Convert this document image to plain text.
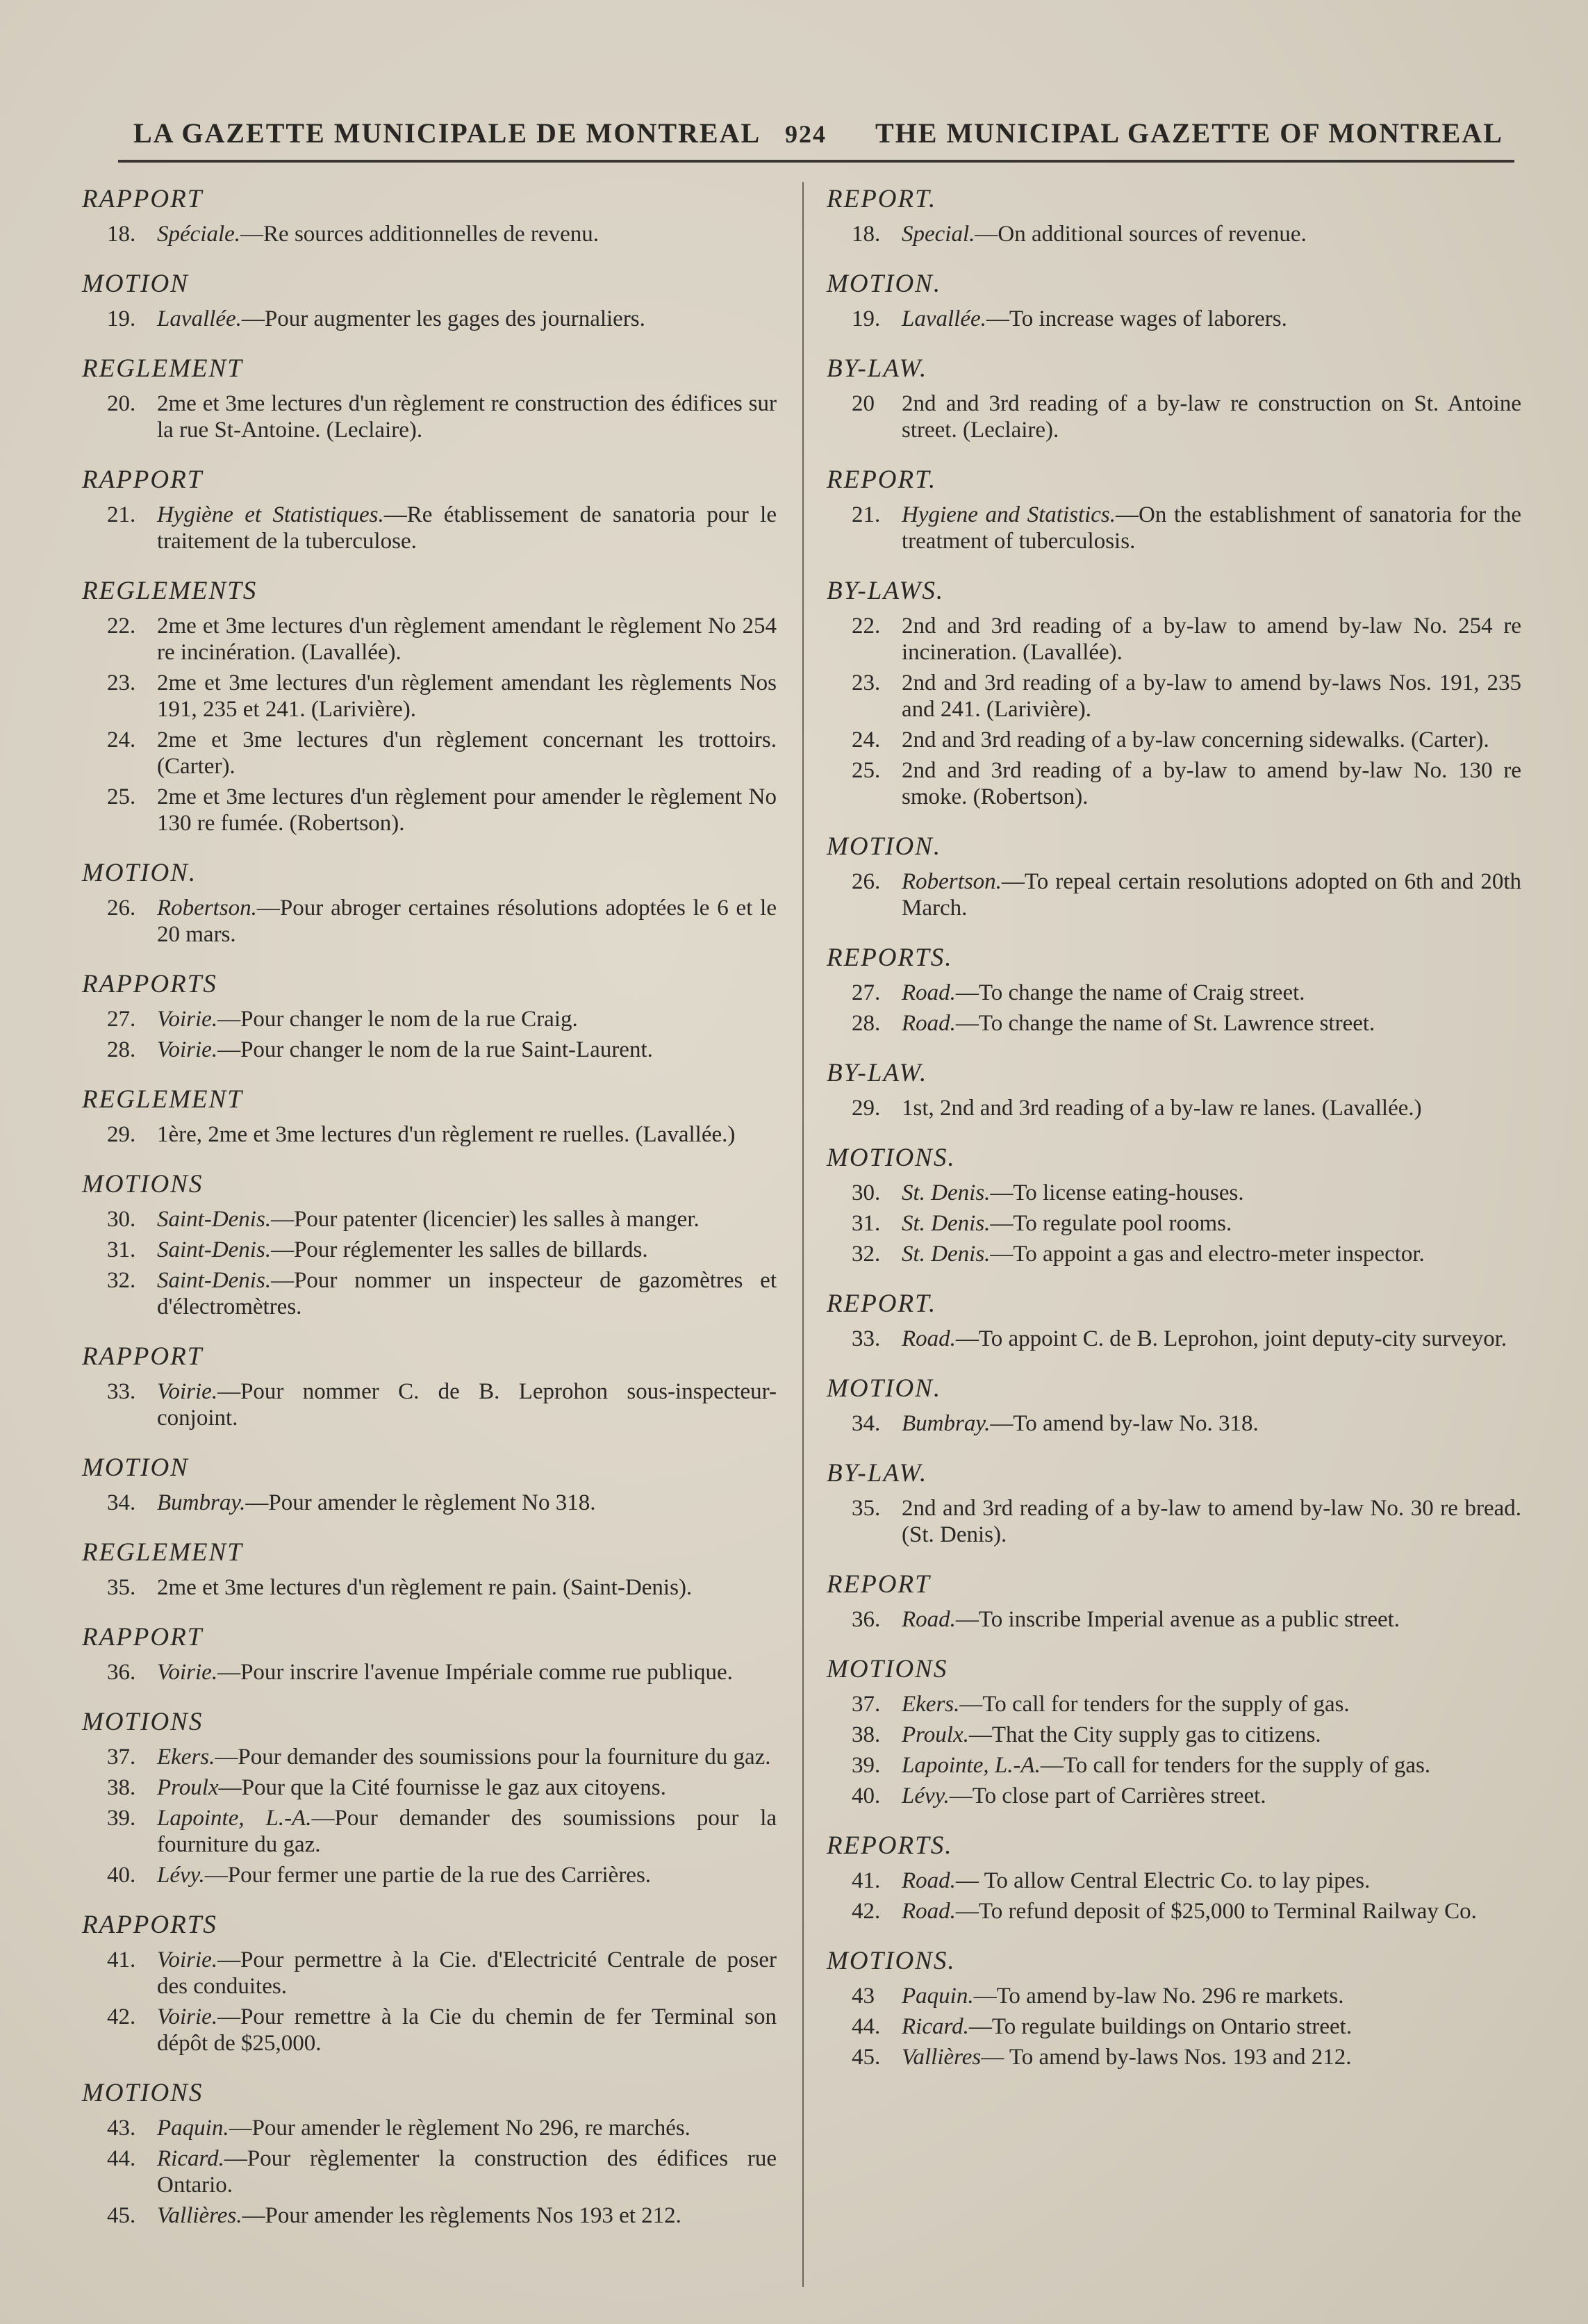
LA GAZETTE MUNICIPALE DE MONTREAL 924 THE MUNICIPAL GAZETTE OF MONTREAL
RAPPORT
18. Spéciale.—Re sources additionnelles de revenu.
MOTION
19. Lavallée.—Pour augmenter les gages des journaliers.
REGLEMENT
20. 2me et 3me lectures d'un règlement re construction des édifices sur la rue St-Antoine. (Leclaire).
RAPPORT
21. Hygiène et Statistiques.—Re établissement de sanatoria pour le traitement de la tuberculose.
REGLEMENTS
22. 2me et 3me lectures d'un règlement amendant le règlement No 254 re incinération. (Lavallée).
23. 2me et 3me lectures d'un règlement amendant les règlements Nos 191, 235 et 241. (Larivière).
24. 2me et 3me lectures d'un règlement concernant les trottoirs. (Carter).
25. 2me et 3me lectures d'un règlement pour amender le règlement No 130 re fumée. (Robertson).
MOTION.
26. Robertson.—Pour abroger certaines résolutions adoptées le 6 et le 20 mars.
RAPPORTS
27. Voirie.—Pour changer le nom de la rue Craig.
28. Voirie.—Pour changer le nom de la rue Saint-Laurent.
REGLEMENT
29. 1ère, 2me et 3me lectures d'un règlement re ruelles. (Lavallée.)
MOTIONS
30. Saint-Denis.—Pour patenter (licencier) les salles à manger.
31. Saint-Denis.—Pour réglementer les salles de billards.
32. Saint-Denis.—Pour nommer un inspecteur de gazomètres et d'électromètres.
RAPPORT
33. Voirie.—Pour nommer C. de B. Leprohon sous-inspecteur-conjoint.
MOTION
34. Bumbray.—Pour amender le règlement No 318.
REGLEMENT
35. 2me et 3me lectures d'un règlement re pain. (Saint-Denis).
RAPPORT
36. Voirie.—Pour inscrire l'avenue Impériale comme rue publique.
MOTIONS
37. Ekers.—Pour demander des soumissions pour la fourniture du gaz.
38. Proulx—Pour que la Cité fournisse le gaz aux citoyens.
39. Lapointe, L.-A.—Pour demander des soumissions pour la fourniture du gaz.
40. Lévy.—Pour fermer une partie de la rue des Carrières.
RAPPORTS
41. Voirie.—Pour permettre à la Cie. d'Electricité Centrale de poser des conduites.
42. Voirie.—Pour remettre à la Cie du chemin de fer Terminal son dépôt de $25,000.
MOTIONS
43. Paquin.—Pour amender le règlement No 296, re marchés.
44. Ricard.—Pour règlementer la construction des édifices rue Ontario.
45. Vallières.—Pour amender les règlements Nos 193 et 212.
REPORT.
18. Special.—On additional sources of revenue.
MOTION.
19. Lavallée.—To increase wages of laborers.
BY-LAW.
20 2nd and 3rd reading of a by-law re construction on St. Antoine street. (Leclaire).
REPORT.
21. Hygiene and Statistics.—On the establishment of sanatoria for the treatment of tuberculosis.
BY-LAWS.
22. 2nd and 3rd reading of a by-law to amend by-law No. 254 re incineration. (Lavallée).
23. 2nd and 3rd reading of a by-law to amend by-laws Nos. 191, 235 and 241. (Larivière).
24. 2nd and 3rd reading of a by-law concerning sidewalks. (Carter).
25. 2nd and 3rd reading of a by-law to amend by-law No. 130 re smoke. (Robertson).
MOTION.
26. Robertson.—To repeal certain resolutions adopted on 6th and 20th March.
REPORTS.
27. Road.—To change the name of Craig street.
28. Road.—To change the name of St. Lawrence street.
BY-LAW.
29. 1st, 2nd and 3rd reading of a by-law re lanes. (Lavallée.)
MOTIONS.
30. St. Denis.—To license eating-houses.
31. St. Denis.—To regulate pool rooms.
32. St. Denis.—To appoint a gas and electro-meter inspector.
REPORT.
33. Road.—To appoint C. de B. Leprohon, joint deputy-city surveyor.
MOTION.
34. Bumbray.—To amend by-law No. 318.
BY-LAW.
35. 2nd and 3rd reading of a by-law to amend by-law No. 30 re bread. (St. Denis).
REPORT
36. Road.—To inscribe Imperial avenue as a public street.
MOTIONS
37. Ekers.—To call for tenders for the supply of gas.
38. Proulx.—That the City supply gas to citizens.
39. Lapointe, L.-A.—To call for tenders for the supply of gas.
40. Lévy.—To close part of Carrières street.
REPORTS.
41. Road.— To allow Central Electric Co. to lay pipes.
42. Road.—To refund deposit of $25,000 to Terminal Railway Co.
MOTIONS.
43 Paquin.—To amend by-law No. 296 re markets.
44. Ricard.—To regulate buildings on Ontario street.
45. Vallières— To amend by-laws Nos. 193 and 212.
